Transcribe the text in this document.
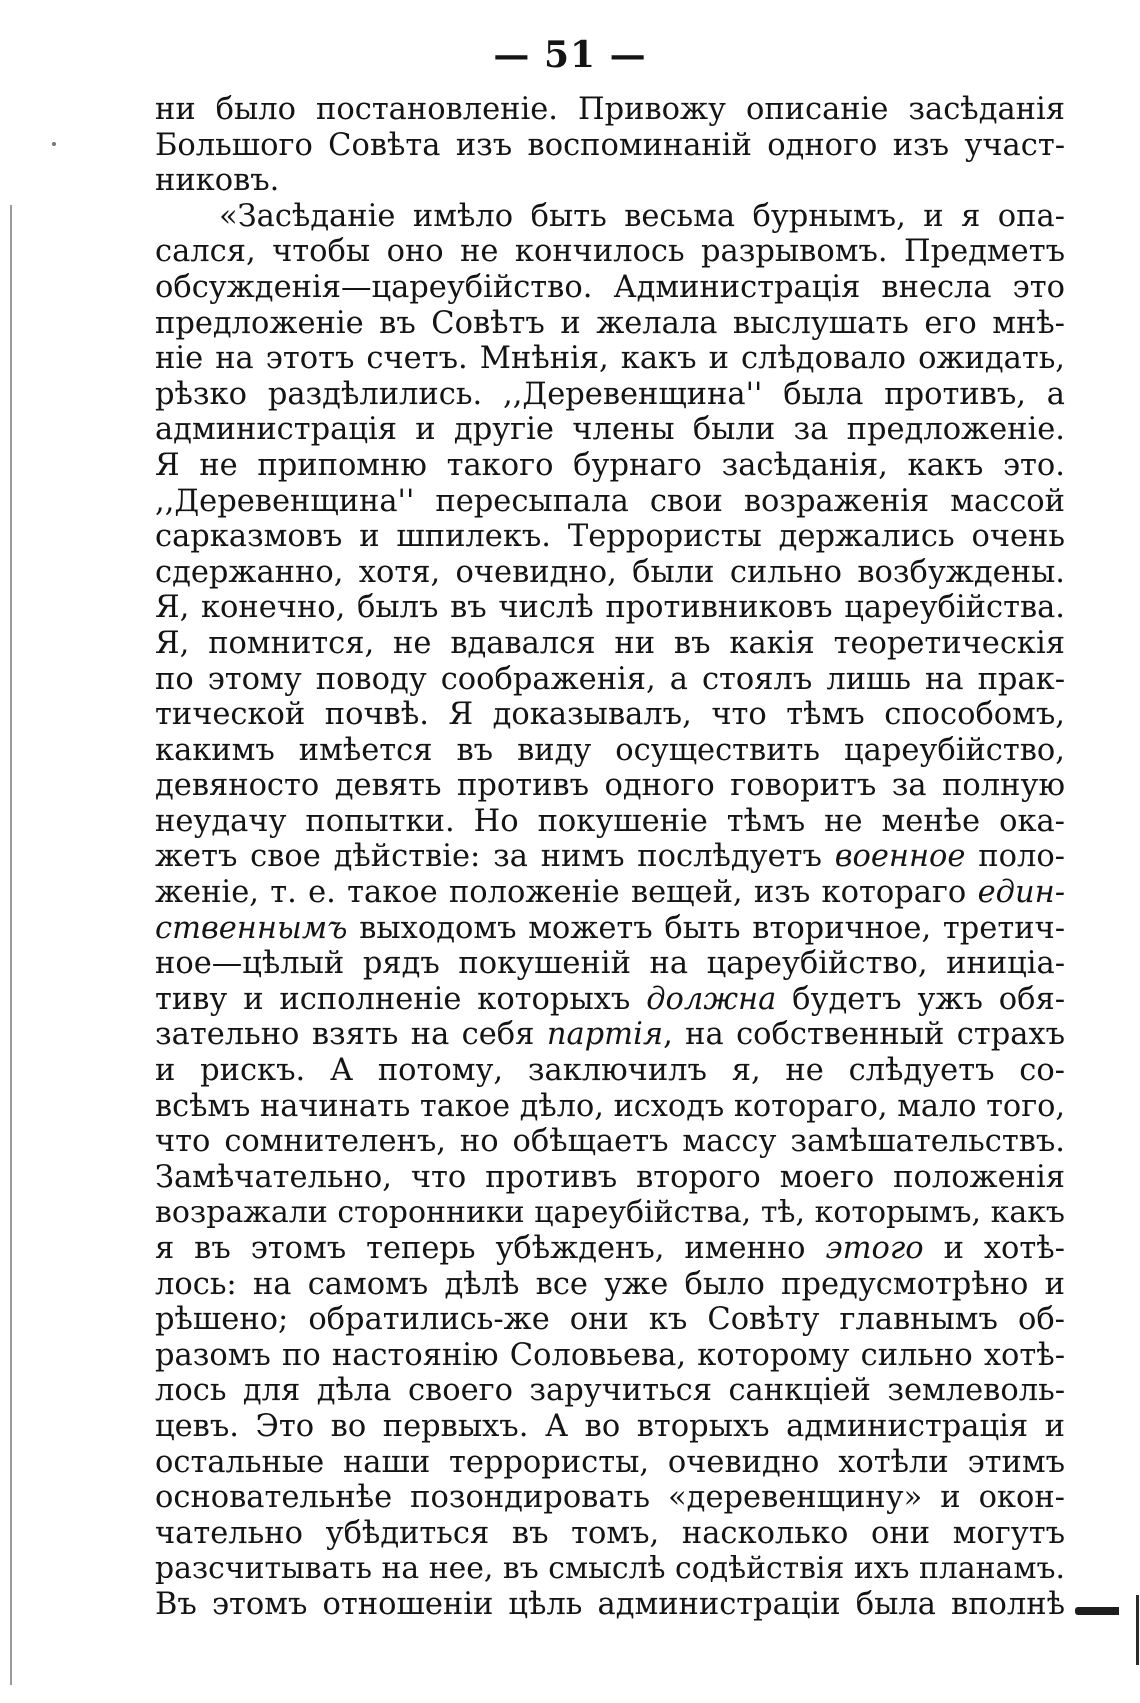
— 51 —
ни было постановленіе. Привожу описаніе засѣданія
Большого Совѣта изъ воспоминаній одного изъ участ-
никовъ.
«Засѣданіе имѣло быть весьма бурнымъ, и я опа-
сался, чтобы оно не кончилось разрывомъ. Предметъ
обсужденія—цареубійство. Администрація внесла это
предложеніе въ Совѣтъ и желала выслушать его мнѣ-
ніе на этотъ счетъ. Мнѣнія, какъ и слѣдовало ожидать,
рѣзко раздѣлились. ,,Деревенщина'' была противъ, а
администрація и другіе члены были за предложеніе.
Я не припомню такого бурнаго засѣданія, какъ это.
,,Деревенщина'' пересыпала свои возраженія массой
сарказмовъ и шпилекъ. Террористы держались очень
сдержанно, хотя, очевидно, были сильно возбуждены.
Я, конечно, былъ въ числѣ противниковъ цареубійства.
Я, помнится, не вдавался ни въ какія теоретическія
по этому поводу соображенія, а стоялъ лишь на прак-
тической почвѣ. Я доказывалъ, что тѣмъ способомъ,
какимъ имѣется въ виду осуществить цареубійство,
девяносто девять противъ одного говоритъ за полную
неудачу попытки. Но покушеніе тѣмъ не менѣе ока-
жетъ свое дѣйствіе: за нимъ послѣдуетъ военное поло-
женіе, т. е. такое положеніе вещей, изъ котораго един-
ственнымъ выходомъ можетъ быть вторичное, третич-
ное—цѣлый рядъ покушеній на цареубійство, иниціа-
тиву и исполненіе которыхъ должна будетъ ужъ обя-
зательно взять на себя партія, на собственный страхъ
и рискъ. А потому, заключилъ я, не слѣдуетъ со-
всѣмъ начинать такое дѣло, исходъ котораго, мало того,
что сомнителенъ, но обѣщаетъ массу замѣшательствъ.
Замѣчательно, что противъ второго моего положенія
возражали сторонники цареубійства, тѣ, которымъ, какъ
я въ этомъ теперь убѣжденъ, именно этого и хотѣ-
лось: на самомъ дѣлѣ все уже было предусмотрѣно и
рѣшено; обратились-же они къ Совѣту главнымъ об-
разомъ по настоянію Соловьева, которому сильно хотѣ-
лось для дѣла своего заручиться санкціей землеволь-
цевъ. Это во первыхъ. А во вторыхъ администрація и
остальные наши террористы, очевидно хотѣли этимъ
основательнѣе позондировать «деревенщину» и окон-
чательно убѣдиться въ томъ, насколько они могутъ
разсчитывать на нее, въ смыслѣ содѣйствія ихъ планамъ.
Въ этомъ отношеніи цѣль администраціи была вполнѣ
